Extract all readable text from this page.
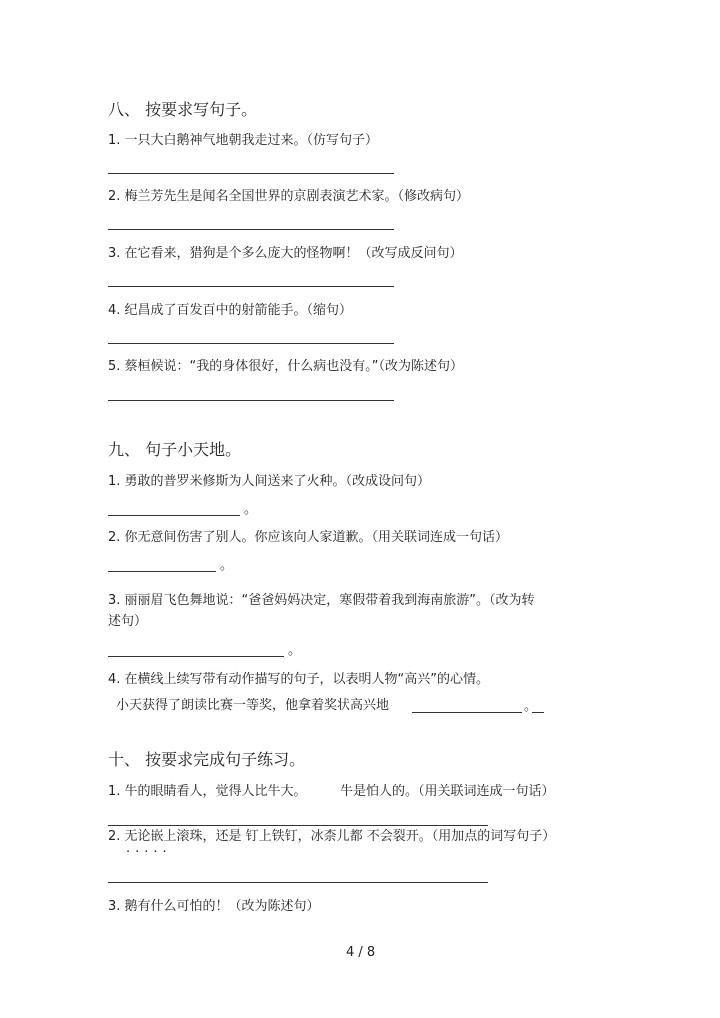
八、 按要求写句子。
1. 一只大白鹅神气地朝我走过来。（仿写句子）
2. 梅兰芳先生是闻名全国世界的京剧表演艺术家。（修改病句）
3. 在它看来，猎狗是个多么庞大的怪物啊！（改写成反问句）
4. 纪昌成了百发百中的射箭能手。（缩句）
5. 蔡桓候说：“我的身体很好，什么病也没有。”（改为陈述句）
九、 句子小天地。
1. 勇敢的普罗米修斯为人间送来了火种。（改成设问句）
。
2. 你无意间伤害了别人。你应该向人家道歉。（用关联词连成一句话）
。
3. 丽丽眉飞色舞地说：“爸爸妈妈决定，寒假带着我到海南旅游”。（改为转
述句）
。
4. 在横线上续写带有动作描写的句子，以表明人物“高兴”的心情。
小天获得了朗读比赛一等奖，他拿着奖状高兴地	。
十、 按要求完成句子练习。
1. 牛的眼睛看人，觉得人比牛大。	牛是怕人的。（用关联词连成一句话）
2. 无论嵌上滚珠，还是 钉上铁钉，冰柰儿都 不会裂开。（用加点的词写句子）
·····
3. 鹅有什么可怕的！（改为陈述句）
4 / 8
